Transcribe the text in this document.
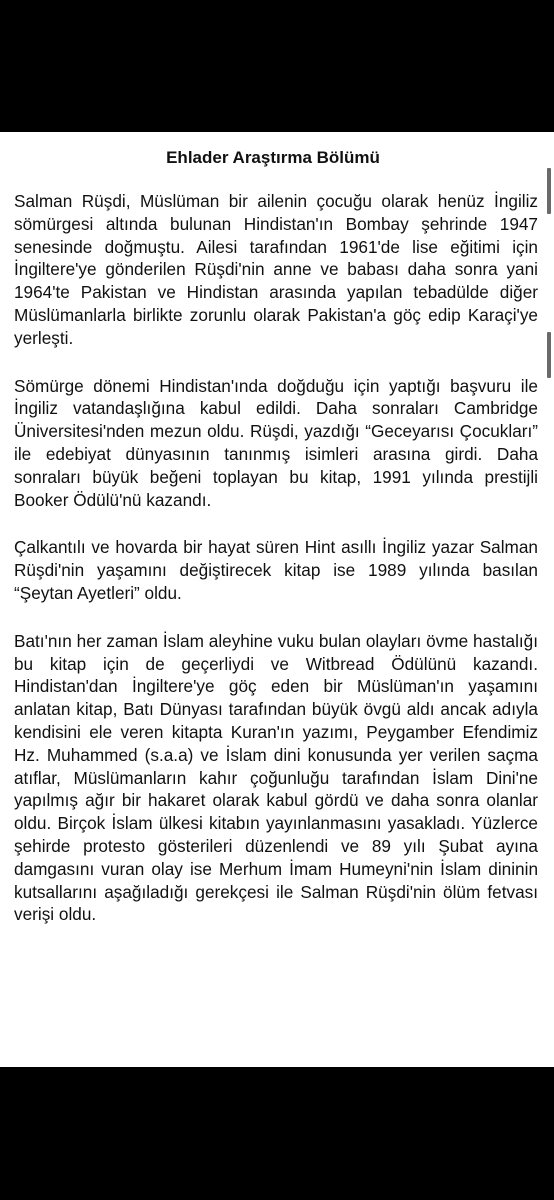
Ehlader Araştırma Bölümü

Salman Rüşdi, Müslüman bir ailenin çocuğu olarak henüz İngiliz sömürgesi altında bulunan Hindistan'ın Bombay şehrinde 1947 senesinde doğmuştu. Ailesi tarafından 1961'de lise eğitimi için İngiltere'ye gönderilen Rüşdi'nin anne ve babası daha sonra yani 1964'te Pakistan ve Hindistan arasında yapılan tebadülde diğer Müslümanlarla birlikte zorunlu olarak Pakistan'a göç edip Karaçi'ye yerleşti.

Sömürge dönemi Hindistan'ında doğduğu için yaptığı başvuru ile İngiliz vatandaşlığına kabul edildi. Daha sonraları Cambridge Üniversitesi'nden mezun oldu. Rüşdi, yazdığı “Geceyarısı Çocukları” ile edebiyat dünyasının tanınmış isimleri arasına girdi. Daha sonraları büyük beğeni toplayan bu kitap, 1991 yılında prestijli Booker Ödülü'nü kazandı.

Çalkantılı ve hovarda bir hayat süren Hint asıllı İngiliz yazar Salman Rüşdi'nin yaşamını değiştirecek kitap ise 1989 yılında basılan “Şeytan Ayetleri” oldu.

Batı'nın her zaman İslam aleyhine vuku bulan olayları övme hastalığı bu kitap için de geçerliydi ve Witbread Ödülünü kazandı. Hindistan'dan İngiltere'ye göç eden bir Müslüman'ın yaşamını anlatan kitap, Batı Dünyası tarafından büyük övgü aldı ancak adıyla kendisini ele veren kitapta Kuran'ın yazımı, Peygamber Efendimiz Hz. Muhammed (s.a.a) ve İslam dini konusunda yer verilen saçma atıflar, Müslümanların kahır çoğunluğu tarafından İslam Dini'ne yapılmış ağır bir hakaret olarak kabul gördü ve daha sonra olanlar oldu. Birçok İslam ülkesi kitabın yayınlanmasını yasakladı. Yüzlerce şehirde protesto gösterileri düzenlendi ve 89 yılı Şubat ayına damgasını vuran olay ise Merhum İmam Humeyni'nin İslam dininin kutsallarını aşağıladığı gerekçesi ile Salman Rüşdi'nin ölüm fetvası verişi oldu.
